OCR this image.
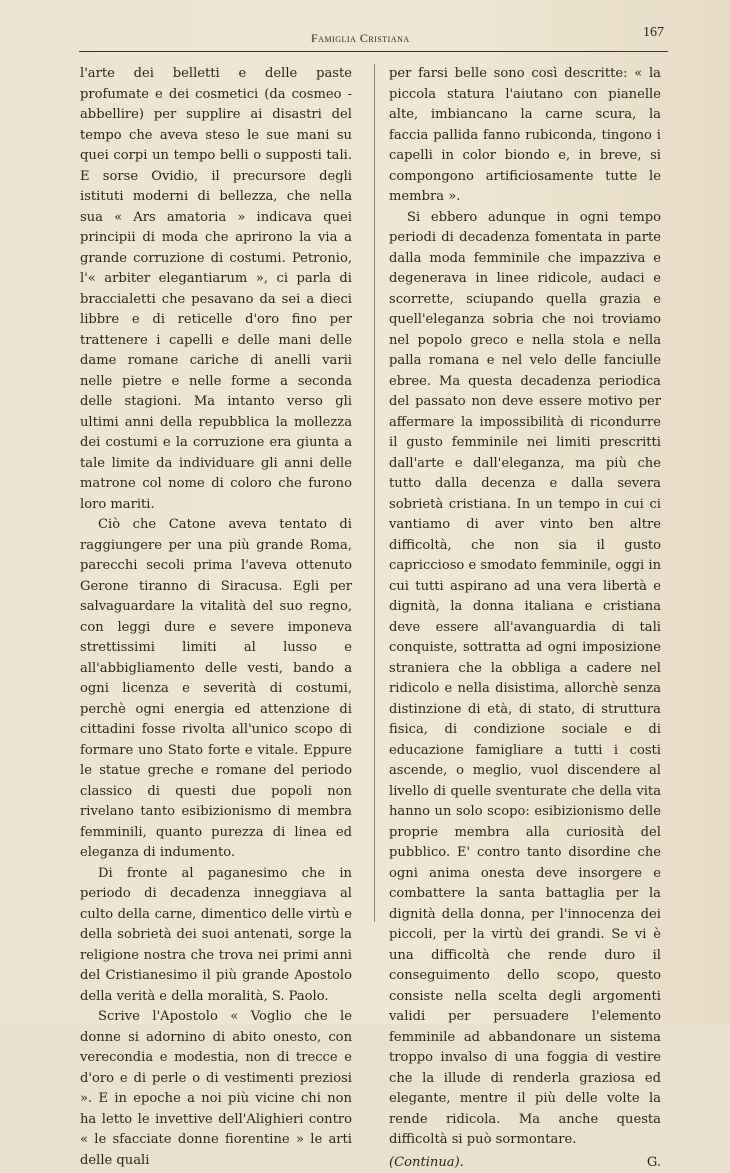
Famiglia Cristiana	167

l'arte dei belletti e delle paste profumate e dei cosmetici (da cosmeo - abbellire) per supplire ai disastri del tempo che aveva steso le sue mani su quei corpi un tempo belli o supposti tali. E sorse Ovidio, il precursore degli istituti moderni di bellezza, che nella sua « Ars amatoria » indicava quei principii di moda che aprirono la via a grande corruzione di costumi. Petronio, l'« arbiter elegantiarum », ci parla di braccialetti che pesavano da sei a dieci libbre e di reticelle d'oro fino per trattenere i capelli e delle mani delle dame romane cariche di anelli varii nelle pietre e nelle forme a seconda delle stagioni. Ma intanto verso gli ultimi anni della repubblica la mollezza dei costumi e la corruzione era giunta a tale limite da individuare gli anni delle matrone col nome di coloro che furono loro mariti.

Ciò che Catone aveva tentato di raggiungere per una più grande Roma, parecchi secoli prima l'aveva ottenuto Gerone tiranno di Siracusa. Egli per salvaguardare la vitalità del suo regno, con leggi dure e severe imponeva strettissimi limiti al lusso e all'abbigliamento delle vesti, bando a ogni licenza e severità di costumi, perchè ogni energia ed attenzione di cittadini fosse rivolta all'unico scopo di formare uno Stato forte e vitale. Eppure le statue greche e romane del periodo classico di questi due popoli non rivelano tanto esibizionismo di membra femminili, quanto purezza di linea ed eleganza di indumento.

Di fronte al paganesimo che in periodo di decadenza inneggiava al culto della carne, dimentico delle virtù e della sobrietà dei suoi antenati, sorge la religione nostra che trova nei primi anni del Cristianesimo il più grande Apostolo della verità e della moralità, S. Paolo.

Scrive l'Apostolo « Voglio che le donne si adornino di abito onesto, con verecondia e modestia, non di trecce e d'oro e di perle o di vestimenti preziosi ». E in epoche a noi più vicine chi non ha letto le invettive dell'Alighieri contro « le sfacciate donne fiorentine » le arti delle quali

per farsi belle sono così descritte: « la piccola statura l'aiutano con pianelle alte, imbiancano la carne scura, la faccia pallida fanno rubiconda, tingono i capelli in color biondo e, in breve, si compongono artificiosamente tutte le membra ».

Si ebbero adunque in ogni tempo periodi di decadenza fomentata in parte dalla moda femminile che impazziva e degenerava in linee ridicole, audaci e scorrette, sciupando quella grazia e quell'eleganza sobria che noi troviamo nel popolo greco e nella stola e nella palla romana e nel velo delle fanciulle ebree. Ma questa decadenza periodica del passato non deve essere motivo per affermare la impossibilità di ricondurre il gusto femminile nei limiti prescritti dall'arte e dall'eleganza, ma più che tutto dalla decenza e dalla severa sobrietà cristiana. In un tempo in cui ci vantiamo di aver vinto ben altre difficoltà, che non sia il gusto capriccioso e smodato femminile, oggi in cui tutti aspirano ad una vera libertà e dignità, la donna italiana e cristiana deve essere all'avanguardia di tali conquiste, sottratta ad ogni imposizione straniera che la obbliga a cadere nel ridicolo e nella disistima, allorchè senza distinzione di età, di stato, di struttura fisica, di condizione sociale e di educazione famigliare a tutti i costi ascende, o meglio, vuol discendere al livello di quelle sventurate che della vita hanno un solo scopo: esibizionismo delle proprie membra alla curiosità del pubblico. E' contro tanto disordine che ogni anima onesta deve insorgere e combattere la santa battaglia per la dignità della donna, per l'innocenza dei piccoli, per la virtù dei grandi. Se vi è una difficoltà che rende duro il conseguimento dello scopo, questo consiste nella scelta degli argomenti validi per persuadere l'elemento femminile ad abbandonare un sistema troppo invalso di una foggia di vestire che la illude di renderla graziosa ed elegante, mentre il più delle volte la rende ridicola. Ma anche questa difficoltà si può sormontare.

(Continua).	G.
